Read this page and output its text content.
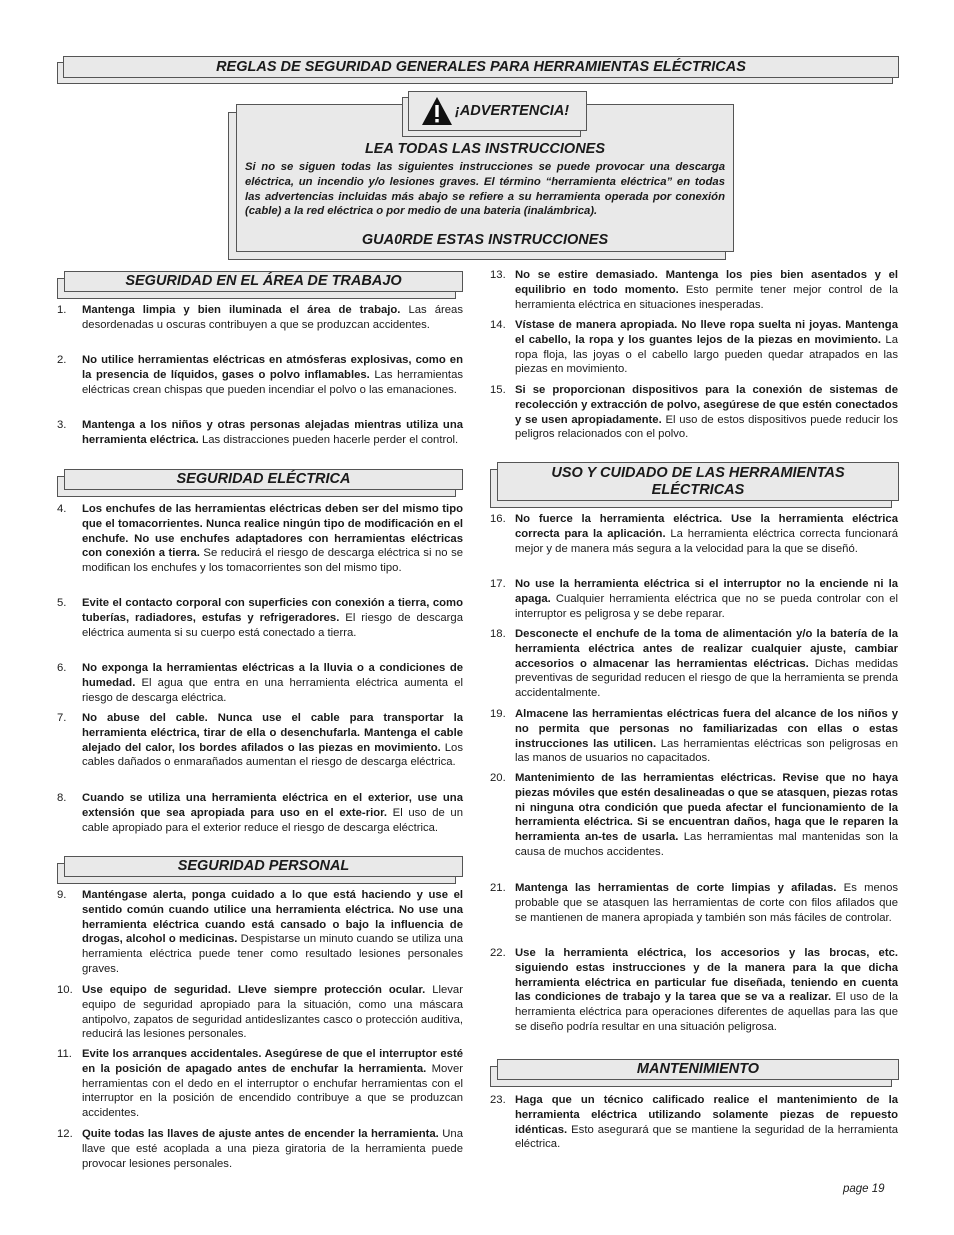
REGLAS DE SEGURIDAD GENERALES PARA HERRAMIENTAS ELÉCTRICAS
LEA TODAS LAS INSTRUCCIONES
Si no se siguen todas las siguientes instrucciones se puede provocar una descarga eléctrica, un incendio y/o lesiones graves. El término “herramienta eléctrica” en todas las advertencias incluidas más abajo se refiere a su herramienta operada por conexión (cable) a la red eléctrica o por medio de una bateria (inalámbrica).
GUA0RDE ESTAS INSTRUCCIONES
¡ADVERTENCIA!
SEGURIDAD EN EL ÁREA DE TRABAJO
SEGURIDAD ELÉCTRICA
SEGURIDAD PERSONAL
USO Y CUIDADO DE LAS HERRAMIENTAS ELÉCTRICAS
MANTENIMIENTO
1.	Mantenga limpia y bien iluminada el área de trabajo. Las áreas desordenadas u oscuras contribuyen a que se produzcan accidentes.
2.	No utilice herramientas eléctricas en atmósferas explosivas, como en la presencia de líquidos, gases o polvo inflamables. Las herramientas eléctricas crean chispas que pueden incendiar el polvo o las emanaciones.
3.	Mantenga a los niños y otras personas alejadas mientras utiliza una herramienta eléctrica. Las distracciones pueden hacerle perder el control.
4.	Los enchufes de las herramientas eléctricas deben ser del mismo tipo que el tomacorrientes. Nunca realice ningún tipo de modificación en el enchufe. No use enchufes adaptadores con herramientas eléctricas con conexión a tierra. Se reducirá el riesgo de descarga eléctrica si no se modifican los enchufes y los tomacorrientes son del mismo tipo.
5.	Evite el contacto corporal con superficies con conexión a tierra, como tuberías, radiadores, estufas y refrigeradores. El riesgo de descarga eléctrica aumenta si su cuerpo está conectado a tierra.
6.	No exponga la herramientas eléctricas a la lluvia o a condiciones de humedad. El agua que entra en una herramienta eléctrica aumenta el riesgo de descarga eléctrica.
7.	No abuse del cable. Nunca use el cable para transportar la herramienta eléctrica, tirar de ella o desenchufarla. Mantenga el cable alejado del calor, los bordes afilados o las piezas en movimiento. Los cables dañados o enmarañados aumentan el riesgo de descarga eléctrica.
8.	Cuando se utiliza una herramienta eléctrica en el exterior, use una extensión que sea apropiada para uso en el exte-rior. El uso de un cable apropiado para el exterior reduce el riesgo de descarga eléctrica.
9.	Manténgase alerta, ponga cuidado a lo que está haciendo y use el sentido común cuando utilice una herramienta eléctrica. No use una herramienta eléctrica cuando está cansado o bajo la influencia de drogas, alcohol o medicinas. Despistarse un minuto cuando se utiliza una herramienta eléctrica puede tener como resultado lesiones personales graves.
10. Use equipo de seguridad. Lleve siempre protección ocular. Llevar equipo de seguridad apropiado para la situación, como una máscara antipolvo, zapatos de seguridad antideslizantes casco o protección auditiva, reducirá las lesiones personales.
11. Evite los arranques accidentales. Asegúrese de que el interruptor esté en la posición de apagado antes de enchufar la herramienta. Mover herramientas con el dedo en el interruptor o enchufar herramientas con el interruptor en la posición de encendido contribuye a que se produzcan accidentes.
12. Quite todas las llaves de ajuste antes de encender la herramienta. Una llave que esté acoplada a una pieza giratoria de la herramienta puede provocar lesiones personales.
13. No se estire demasiado. Mantenga los pies bien asentados y el equilibrio en todo momento. Esto permite tener mejor control de la herramienta eléctrica en situaciones inesperadas.
14. Vístase de manera apropiada. No lleve ropa suelta ni joyas. Mantenga el cabello, la ropa y los guantes lejos de la piezas en movimiento. La ropa floja, las joyas o el cabello largo pueden quedar atrapados en las piezas en movimiento.
15. Si se proporcionan dispositivos para la conexión de sistemas de recolección y extracción de polvo, asegúrese de que estén conectados y se usen apropiadamente. El uso de estos dispositivos puede reducir los peligros relacionados con el polvo.
16. No fuerce la herramienta eléctrica. Use la herramienta eléctrica correcta para la aplicación. La herramienta eléctrica correcta funcionará mejor y de manera más segura a la velocidad para la que se diseñó.
17. No use la herramienta eléctrica si el interruptor no la enciende ni la apaga. Cualquier herramienta eléctrica que no se pueda controlar con el interruptor es peligrosa y se debe reparar.
18. Desconecte el enchufe de la toma de alimentación y/o la batería de la herramienta eléctrica antes de realizar cualquier ajuste, cambiar accesorios o almacenar las herramientas eléctricas. Dichas medidas preventivas de seguridad reducen el riesgo de que la herramienta se prenda accidentalmente.
19. Almacene las herramientas eléctricas fuera del alcance de los niños y no permita que personas no familiarizadas con ellas o estas instrucciones las utilicen. Las herramientas eléctricas son peligrosas en las manos de usuarios no capacitados.
20. Mantenimiento de las herramientas eléctricas. Revise que no haya piezas móviles que estén desalineadas o que se atasquen, piezas rotas ni ninguna otra condición que pueda afectar el funcionamiento de la herramienta eléctrica. Si se encuentran daños, haga que le reparen la herramienta an-tes de usarla. Las herramientas mal mantenidas son la causa de muchos accidentes.
21. Mantenga las herramientas de corte limpias y afiladas. Es menos probable que se atasquen las herramientas de corte con filos afilados que se mantienen de manera apropiada y también son más fáciles de controlar.
22. Use la herramienta eléctrica, los accesorios y las brocas, etc. siguiendo estas instrucciones y de la manera para la que dicha herramienta eléctrica en particular fue diseñada, teniendo en cuenta las condiciones de trabajo y la tarea que se va a realizar. El uso de la herramienta eléctrica para operaciones diferentes de aquellas para las que se diseño podría resultar en una situación peligrosa.
23. Haga que un técnico calificado realice el mantenimiento de la herramienta eléctrica utilizando solamente piezas de repuesto idénticas. Esto asegurará que se mantiene la seguridad de la herramienta eléctrica.
page 19
